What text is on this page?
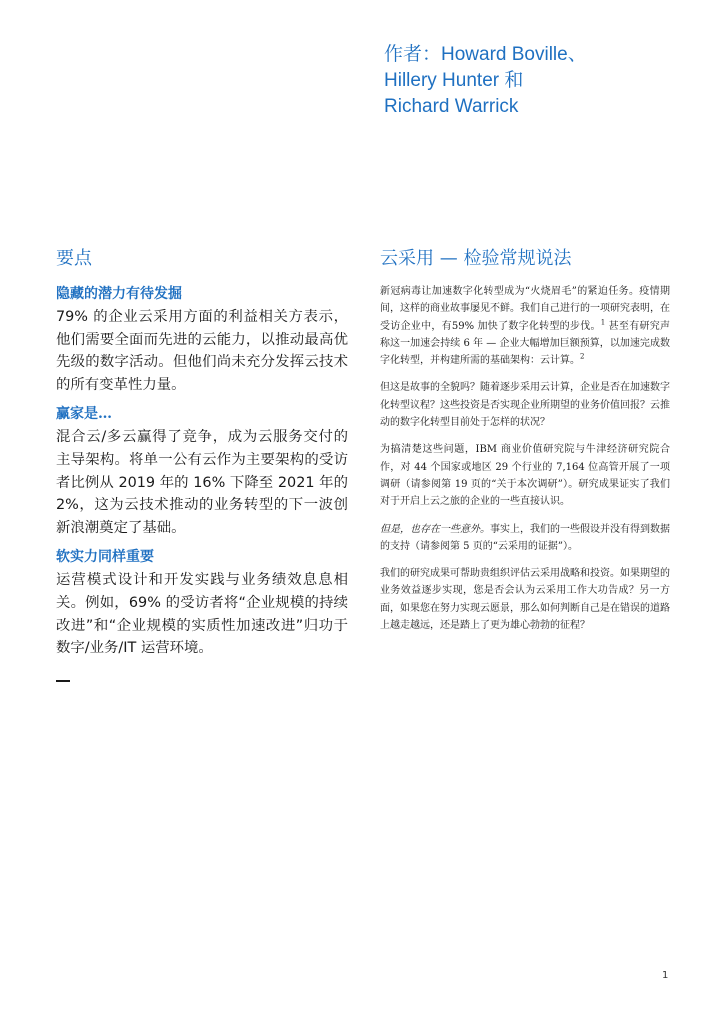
作者：Howard Boville、
Hillery Hunter 和
Richard Warrick
要点

隐藏的潜力有待发掘

79% 的企业云采用方面的利益相关方表示，他们需要全面而先进的云能力，以推动最高优先级的数字活动。但他们尚未充分发挥云技术的所有变革性力量。

赢家是…

混合云/多云赢得了竞争，成为云服务交付的主导架构。将单一公有云作为主要架构的受访者比例从 2019 年的 16% 下降至 2021 年的 2%，这为云技术推动的业务转型的下一波创新浪潮奠定了基础。

软实力同样重要

运营模式设计和开发实践与业务绩效息息相关。例如，69% 的受访者将“企业规模的持续改进”和“企业规模的实质性加速改进”归功于数字/业务/IT 运营环境。

云采用 — 检验常规说法

新冠病毒让加速数字化转型成为“火烧眉毛”的紧迫任务。疫情期间，这样的商业故事屡见不鲜。我们自己进行的一项研究表明，在受访企业中，有59% 加快了数字化转型的步伐。$^1$ 甚至有研究声称这一加速会持续 6 年 — 企业大幅增加巨额预算，以加速完成数字化转型，并构建所需的基础架构：云计算。$^2$

但这是故事的全貌吗？随着逐步采用云计算，企业是否在加速数字化转型议程？这些投资是否实现企业所期望的业务价值回报？云推动的数字化转型目前处于怎样的状况？

为搞清楚这些问题，IBM 商业价值研究院与牛津经济研究院合作，对 44 个国家或地区 29 个行业的 7,164 位高管开展了一项调研（请参阅第 19 页的“关于本次调研”）。研究成果证实了我们对于开启上云之旅的企业的一些直接认识。

但是，也存在一些意外。事实上，我们的一些假设并没有得到数据的支持（请参阅第 5 页的“云采用的证据”）。

我们的研究成果可帮助贵组织评估云采用战略和投资。如果期望的业务效益逐步实现，您是否会认为云采用工作大功告成？另一方面，如果您在努力实现云愿景，那么如何判断自己是在错误的道路上越走越远，还是踏上了更为雄心勃勃的征程？

1
